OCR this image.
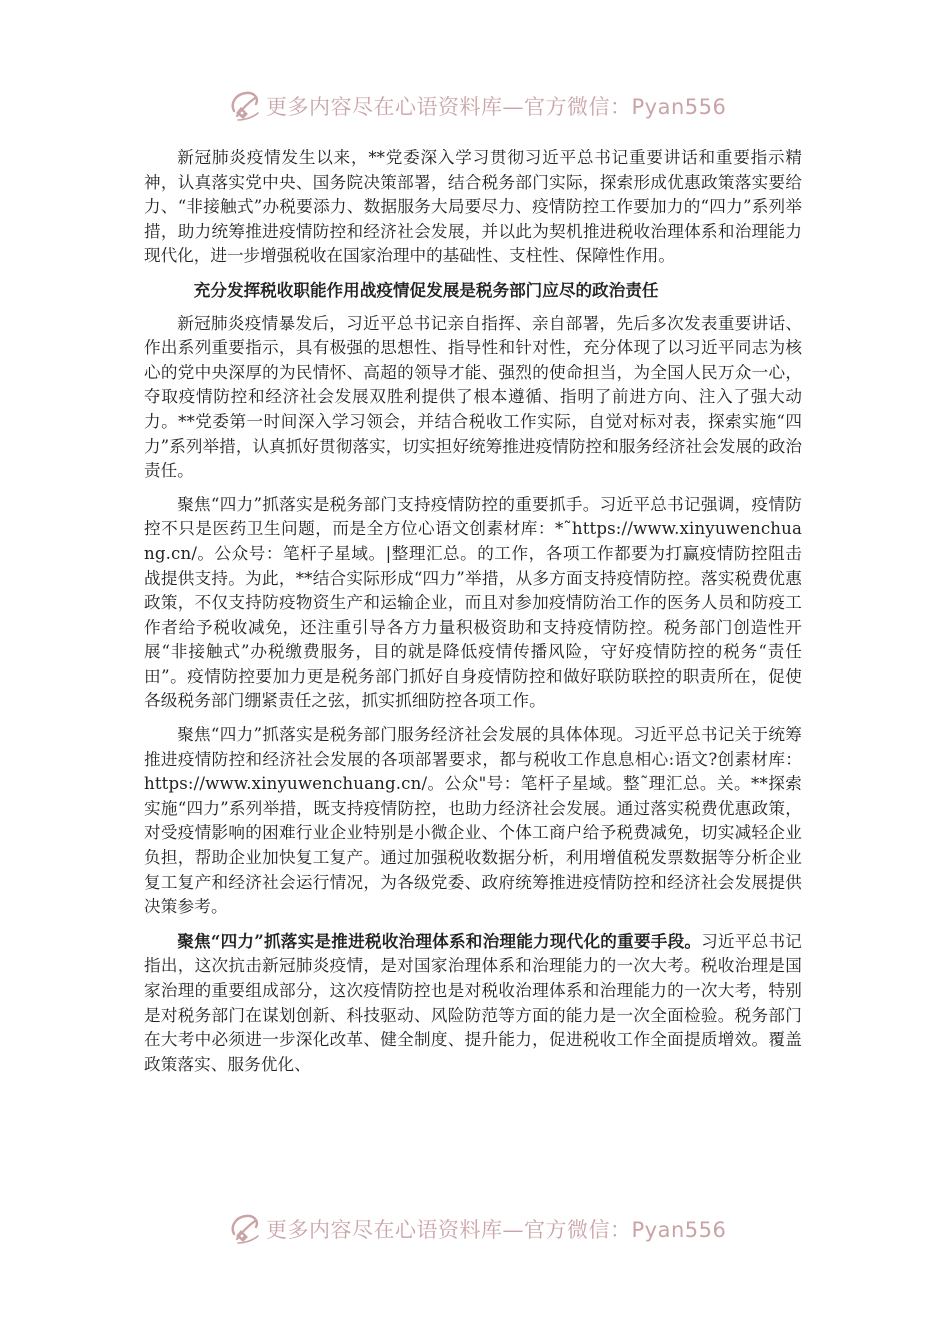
更多内容尽在心语资料库—官方微信：Pyan556

新冠肺炎疫情发生以来，**党委深入学习贯彻习近平总书记重要讲话和重要指示精神，认真落实党中央、国务院决策部署，结合税务部门实际，探索形成优惠政策落实要给力、“非接触式”办税要添力、数据服务大局要尽力、疫情防控工作要加力的“四力”系列举措，助力统筹推进疫情防控和经济社会发展，并以此为契机推进税收治理体系和治理能力现代化，进一步增强税收在国家治理中的基础性、支柱性、保障性作用。

充分发挥税收职能作用战疫情促发展是税务部门应尽的政治责任

新冠肺炎疫情暴发后，习近平总书记亲自指挥、亲自部署，先后多次发表重要讲话、作出系列重要指示，具有极强的思想性、指导性和针对性，充分体现了以习近平同志为核心的党中央深厚的为民情怀、高超的领导才能、强烈的使命担当，为全国人民万众一心，夺取疫情防控和经济社会发展双胜利提供了根本遵循、指明了前进方向、注入了强大动力。**党委第一时间深入学习领会，并结合税收工作实际，自觉对标对表，探索实施“四力”系列举措，认真抓好贯彻落实，切实担好统筹推进疫情防控和服务经济社会发展的政治责任。

聚焦“四力”抓落实是税务部门支持疫情防控的重要抓手。习近平总书记强调，疫情防控不只是医药卫生问题，而是全方位心语文创素材库：*˜https://www.xinyuwenchuang.cn/。公众号：笔杆子星域。|整理汇总。的工作，各项工作都要为打赢疫情防控阻击战提供支持。为此，**结合实际形成“四力”举措，从多方面支持疫情防控。落实税费优惠政策，不仅支持防疫物资生产和运输企业，而且对参加疫情防治工作的医务人员和防疫工作者给予税收减免，还注重引导各方力量积极资助和支持疫情防控。税务部门创造性开展“非接触式”办税缴费服务，目的就是降低疫情传播风险，守好疫情防控的税务“责任田”。疫情防控要加力更是税务部门抓好自身疫情防控和做好联防联控的职责所在，促使各级税务部门绷紧责任之弦，抓实抓细防控各项工作。

聚焦“四力”抓落实是税务部门服务经济社会发展的具体体现。习近平总书记关于统筹推进疫情防控和经济社会发展的各项部署要求，都与税收工作息息相心:语文?创素材库：https://www.xinyuwenchuang.cn/。公众"号：笔杆子星域。整˜理汇总。关。**探索实施“四力”系列举措，既支持疫情防控，也助力经济社会发展。通过落实税费优惠政策，对受疫情影响的困难行业企业特别是小微企业、个体工商户给予税费减免，切实减轻企业负担，帮助企业加快复工复产。通过加强税收数据分析，利用增值税发票数据等分析企业复工复产和经济社会运行情况，为各级党委、政府统筹推进疫情防控和经济社会发展提供决策参考。

聚焦“四力”抓落实是推进税收治理体系和治理能力现代化的重要手段。习近平总书记指出，这次抗击新冠肺炎疫情，是对国家治理体系和治理能力的一次大考。税收治理是国家治理的重要组成部分，这次疫情防控也是对税收治理体系和治理能力的一次大考，特别是对税务部门在谋划创新、科技驱动、风险防范等方面的能力是一次全面检验。税务部门在大考中必须进一步深化改革、健全制度、提升能力，促进税收工作全面提质增效。覆盖政策落实、服务优化、

更多内容尽在心语资料库—官方微信：Pyan556
